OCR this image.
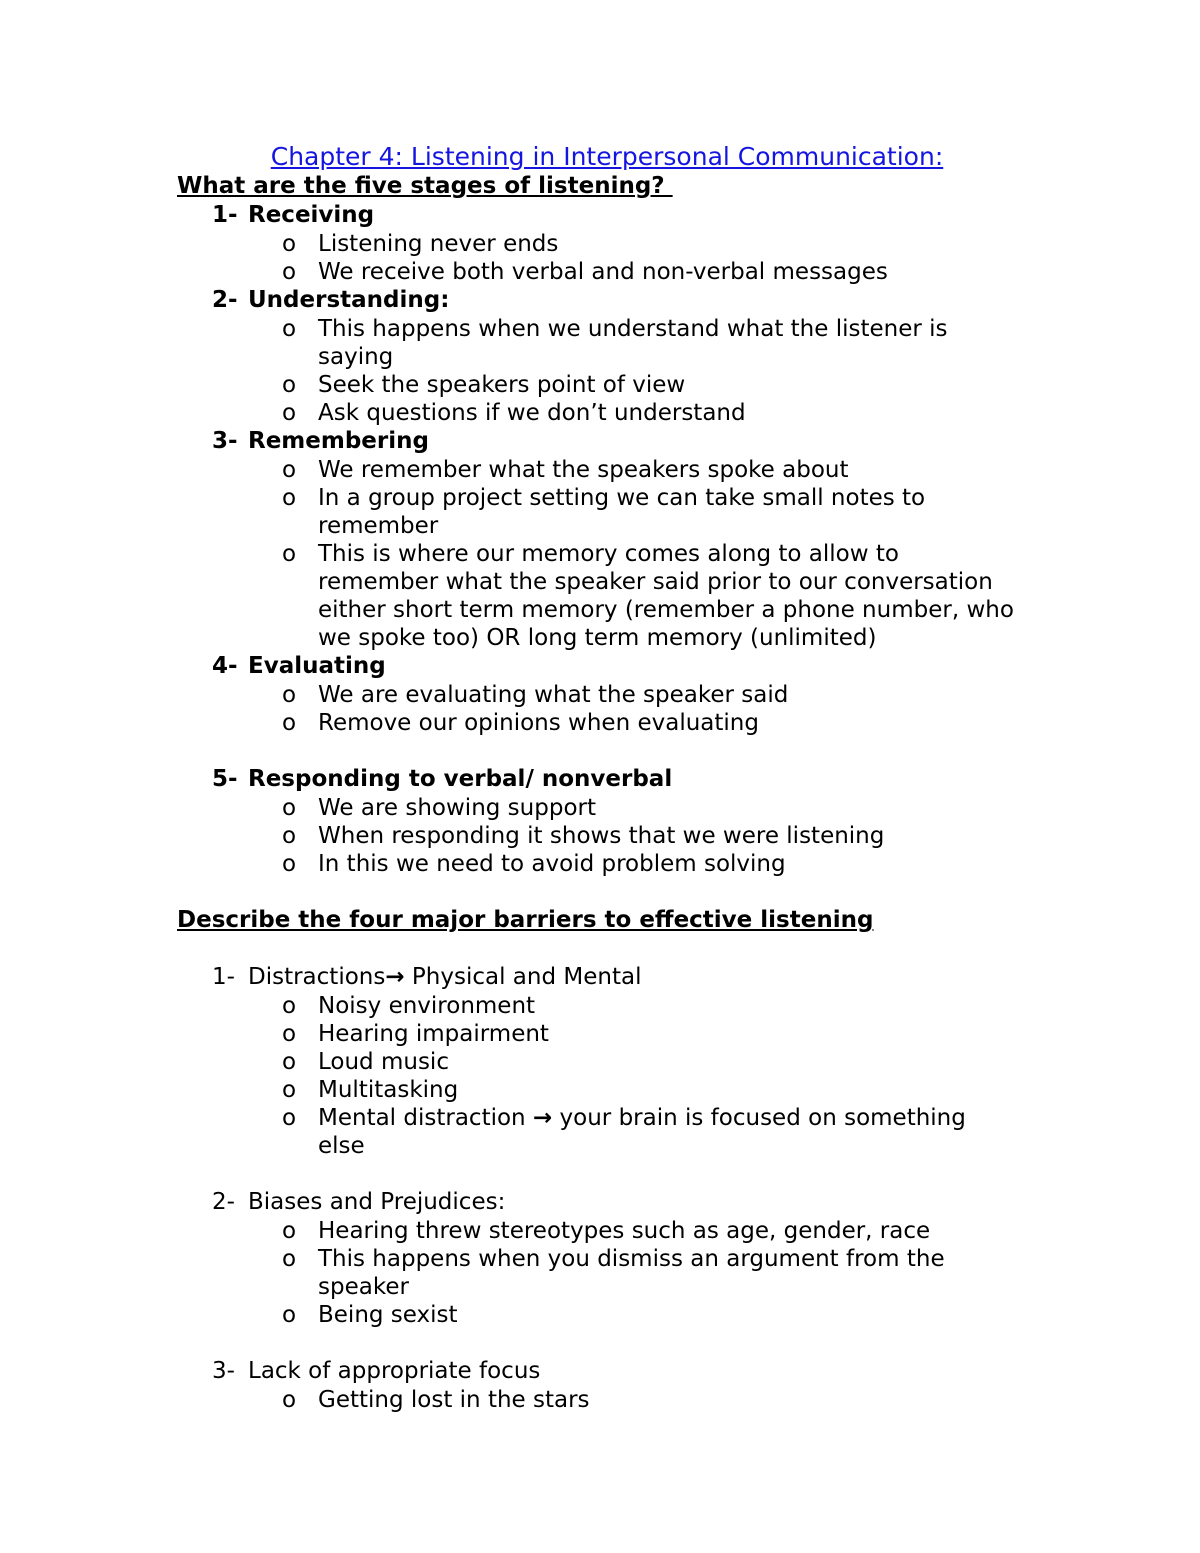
Chapter 4: Listening in Interpersonal Communication:

What are the five stages of listening?

1- Receiving
o Listening never ends
o We receive both verbal and non-verbal messages
2- Understanding:
o This happens when we understand what the listener is saying
o Seek the speakers point of view
o Ask questions if we don’t understand
3- Remembering
o We remember what the speakers spoke about
o In a group project setting we can take small notes to remember
o This is where our memory comes along to allow to remember what the speaker said prior to our conversation either short term memory (remember a phone number, who we spoke too) OR long term memory (unlimited)
4- Evaluating
o We are evaluating what the speaker said
o Remove our opinions when evaluating
5- Responding to verbal/ nonverbal
o We are showing support
o When responding it shows that we were listening
o In this we need to avoid problem solving

Describe the four major barriers to effective listening

1- Distractions→ Physical and Mental
o Noisy environment
o Hearing impairment
o Loud music
o Multitasking
o Mental distraction → your brain is focused on something else
2- Biases and Prejudices:
o Hearing threw stereotypes such as age, gender, race
o This happens when you dismiss an argument from the speaker
o Being sexist
3- Lack of appropriate focus
o Getting lost in the stars
